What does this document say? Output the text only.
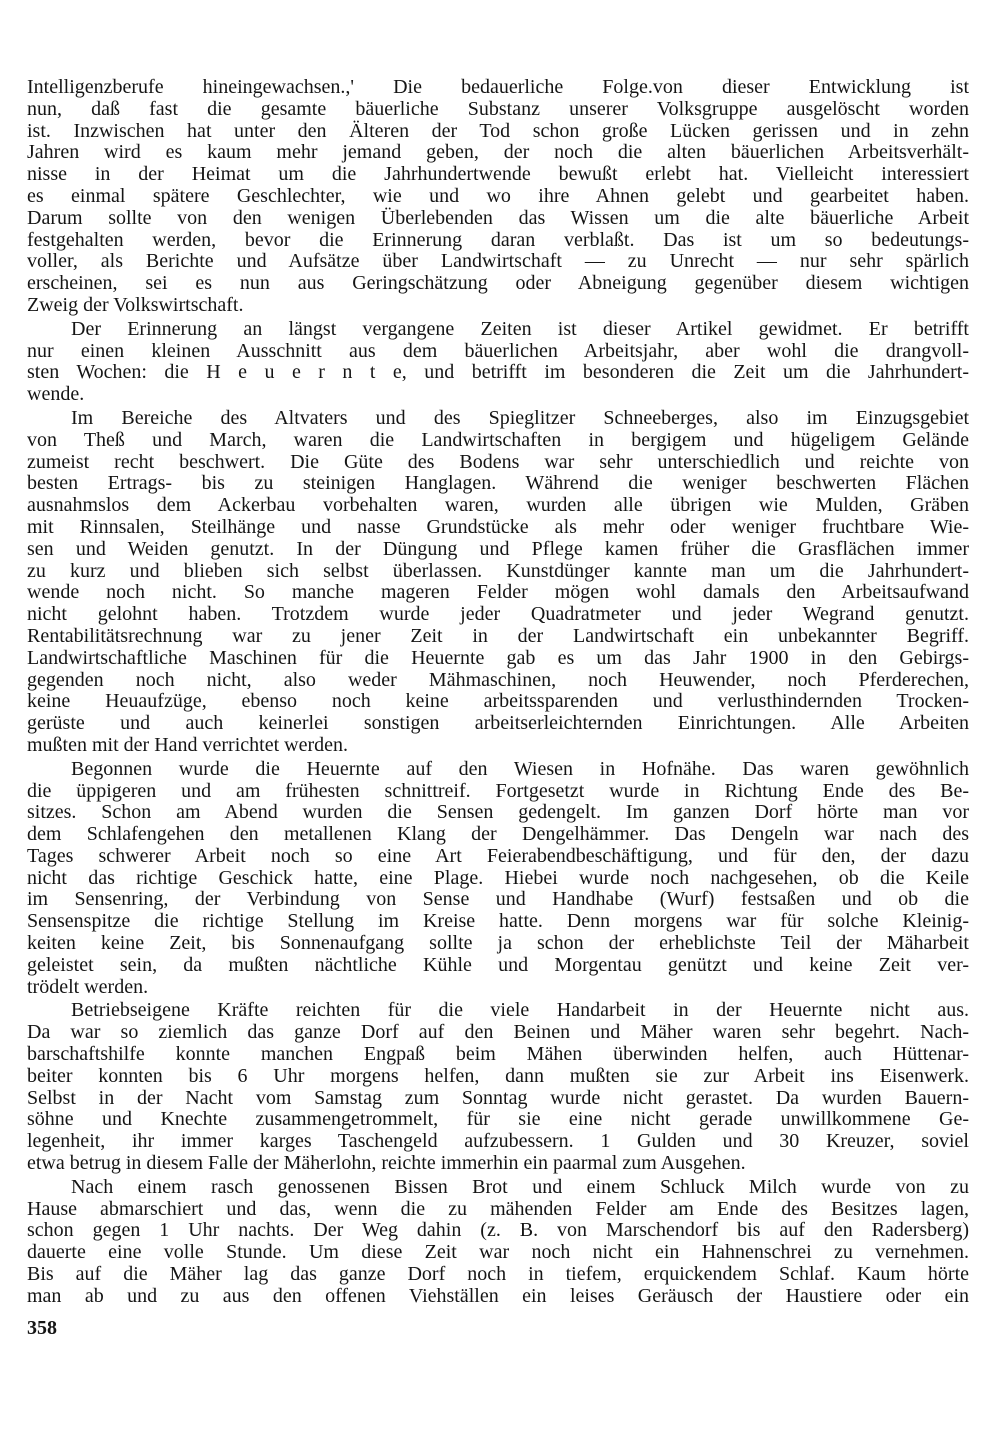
Intelligenzberufe hineingewachsen.,' Die bedauerliche Folge.von dieser Entwicklung ist
nun, daß fast die gesamte bäuerliche Substanz unserer Volksgruppe ausgelöscht worden
ist. Inzwischen hat unter den Älteren der Tod schon große Lücken gerissen und in zehn
Jahren wird es kaum mehr jemand geben, der noch die alten bäuerlichen Arbeitsverhält-
nisse in der Heimat um die Jahrhundertwende bewußt erlebt hat. Vielleicht interessiert
es einmal spätere Geschlechter, wie und wo ihre Ahnen gelebt und gearbeitet haben.
Darum sollte von den wenigen Überlebenden das Wissen um die alte bäuerliche Arbeit
festgehalten werden, bevor die Erinnerung daran verblaßt. Das ist um so bedeutungs-
voller, als Berichte und Aufsätze über Landwirtschaft — zu Unrecht — nur sehr spärlich
erscheinen, sei es nun aus Geringschätzung oder Abneigung gegenüber diesem wichtigen
Zweig der Volkswirtschaft.
Der Erinnerung an längst vergangene Zeiten ist dieser Artikel gewidmet. Er betrifft
nur einen kleinen Ausschnitt aus dem bäuerlichen Arbeitsjahr, aber wohl die drangvoll-
sten Wochen: die H e u e r n t e, und betrifft im besonderen die Zeit um die Jahrhundert-
wende.
Im Bereiche des Altvaters und des Spieglitzer Schneeberges, also im Einzugsgebiet
von Theß und March, waren die Landwirtschaften in bergigem und hügeligem Gelände
zumeist recht beschwert. Die Güte des Bodens war sehr unterschiedlich und reichte von
besten Ertrags- bis zu steinigen Hanglagen. Während die weniger beschwerten Flächen
ausnahmslos dem Ackerbau vorbehalten waren, wurden alle übrigen wie Mulden, Gräben
mit Rinnsalen, Steilhänge und nasse Grundstücke als mehr oder weniger fruchtbare Wie-
sen und Weiden genutzt. In der Düngung und Pflege kamen früher die Grasflächen immer
zu kurz und blieben sich selbst überlassen. Kunstdünger kannte man um die Jahrhundert-
wende noch nicht. So manche mageren Felder mögen wohl damals den Arbeitsaufwand
nicht gelohnt haben. Trotzdem wurde jeder Quadratmeter und jeder Wegrand genutzt.
Rentabilitätsrechnung war zu jener Zeit in der Landwirtschaft ein unbekannter Begriff.
Landwirtschaftliche Maschinen für die Heuernte gab es um das Jahr 1900 in den Gebirgs-
gegenden noch nicht, also weder Mähmaschinen, noch Heuwender, noch Pferderechen,
keine Heuaufzüge, ebenso noch keine arbeitssparenden und verlusthindernden Trocken-
gerüste und auch keinerlei sonstigen arbeitserleichternden Einrichtungen. Alle Arbeiten
mußten mit der Hand verrichtet werden.
Begonnen wurde die Heuernte auf den Wiesen in Hofnähe. Das waren gewöhnlich
die üppigeren und am frühesten schnittreif. Fortgesetzt wurde in Richtung Ende des Be-
sitzes. Schon am Abend wurden die Sensen gedengelt. Im ganzen Dorf hörte man vor
dem Schlafengehen den metallenen Klang der Dengelhämmer. Das Dengeln war nach des
Tages schwerer Arbeit noch so eine Art Feierabendbeschäftigung, und für den, der dazu
nicht das richtige Geschick hatte, eine Plage. Hiebei wurde noch nachgesehen, ob die Keile
im Sensenring, der Verbindung von Sense und Handhabe (Wurf) festsaßen und ob die
Sensenspitze die richtige Stellung im Kreise hatte. Denn morgens war für solche Kleinig-
keiten keine Zeit, bis Sonnenaufgang sollte ja schon der erheblichste Teil der Mäharbeit
geleistet sein, da mußten nächtliche Kühle und Morgentau genützt und keine Zeit ver-
trödelt werden.
Betriebseigene Kräfte reichten für die viele Handarbeit in der Heuernte nicht aus.
Da war so ziemlich das ganze Dorf auf den Beinen und Mäher waren sehr begehrt. Nach-
barschaftshilfe konnte manchen Engpaß beim Mähen überwinden helfen, auch Hüttenar-
beiter konnten bis 6 Uhr morgens helfen, dann mußten sie zur Arbeit ins Eisenwerk.
Selbst in der Nacht vom Samstag zum Sonntag wurde nicht gerastet. Da wurden Bauern-
söhne und Knechte zusammengetrommelt, für sie eine nicht gerade unwillkommene Ge-
legenheit, ihr immer karges Taschengeld aufzubessern. 1 Gulden und 30 Kreuzer, soviel
etwa betrug in diesem Falle der Mäherlohn, reichte immerhin ein paarmal zum Ausgehen.
Nach einem rasch genossenen Bissen Brot und einem Schluck Milch wurde von zu
Hause abmarschiert und das, wenn die zu mähenden Felder am Ende des Besitzes lagen,
schon gegen 1 Uhr nachts. Der Weg dahin (z. B. von Marschendorf bis auf den Radersberg)
dauerte eine volle Stunde. Um diese Zeit war noch nicht ein Hahnenschrei zu vernehmen.
Bis auf die Mäher lag das ganze Dorf noch in tiefem, erquickendem Schlaf. Kaum hörte
man ab und zu aus den offenen Viehställen ein leises Geräusch der Haustiere oder ein
358
